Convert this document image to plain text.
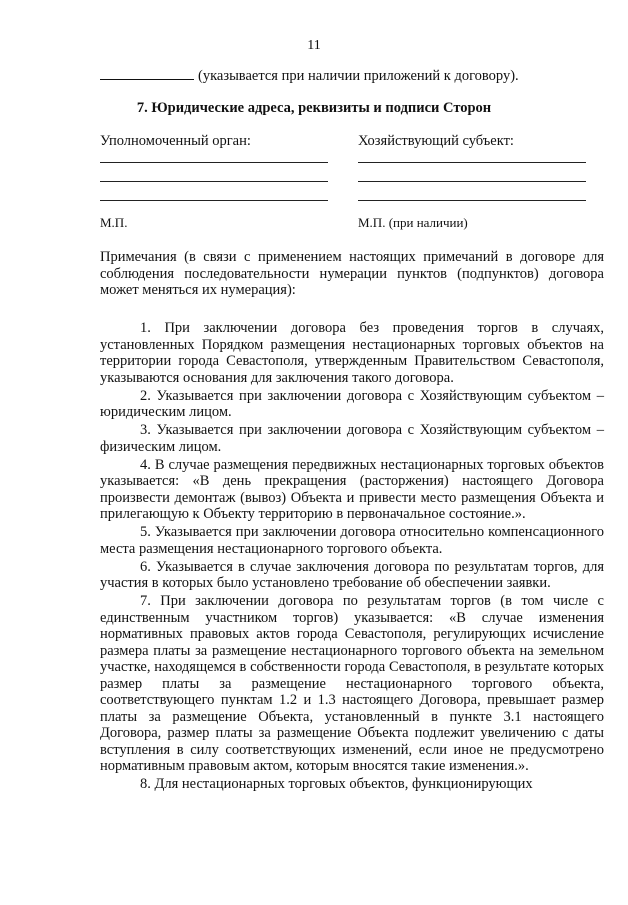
11
(указывается при наличии приложений к договору).
7. Юридические адреса, реквизиты и подписи Сторон
Уполномоченный орган:	Хозяйствующий субъект:
М.П.	М.П. (при наличии)

Примечания (в связи с применением настоящих примечаний в договоре для соблюдения последовательности нумерации пунктов (подпунктов) договора может меняться их нумерация):

1. При заключении договора без проведения торгов в случаях, установленных Порядком размещения нестационарных торговых объектов на территории города Севастополя, утвержденным Правительством Севастополя, указываются основания для заключения такого договора.
2. Указывается при заключении договора с Хозяйствующим субъектом – юридическим лицом.
3. Указывается при заключении договора с Хозяйствующим субъектом – физическим лицом.
4. В случае размещения передвижных нестационарных торговых объектов указывается: «В день прекращения (расторжения) настоящего Договора произвести демонтаж (вывоз) Объекта и привести место размещения Объекта и прилегающую к Объекту территорию в первоначальное состояние.».
5. Указывается при заключении договора относительно компенсационного места размещения нестационарного торгового объекта.
6. Указывается в случае заключения договора по результатам торгов, для участия в которых было установлено требование об обеспечении заявки.
7. При заключении договора по результатам торгов (в том числе с единственным участником торгов) указывается: «В случае изменения нормативных правовых актов города Севастополя, регулирующих исчисление размера платы за размещение нестационарного торгового объекта на земельном участке, находящемся в собственности города Севастополя, в результате которых размер платы за размещение нестационарного торгового объекта, соответствующего пунктам 1.2 и 1.3 настоящего Договора, превышает размер платы за размещение Объекта, установленный в пункте 3.1 настоящего Договора, размер платы за размещение Объекта подлежит увеличению с даты вступления в силу соответствующих изменений, если иное не предусмотрено нормативным правовым актом, которым вносятся такие изменения.».
8. Для нестационарных торговых объектов, функционирующих
